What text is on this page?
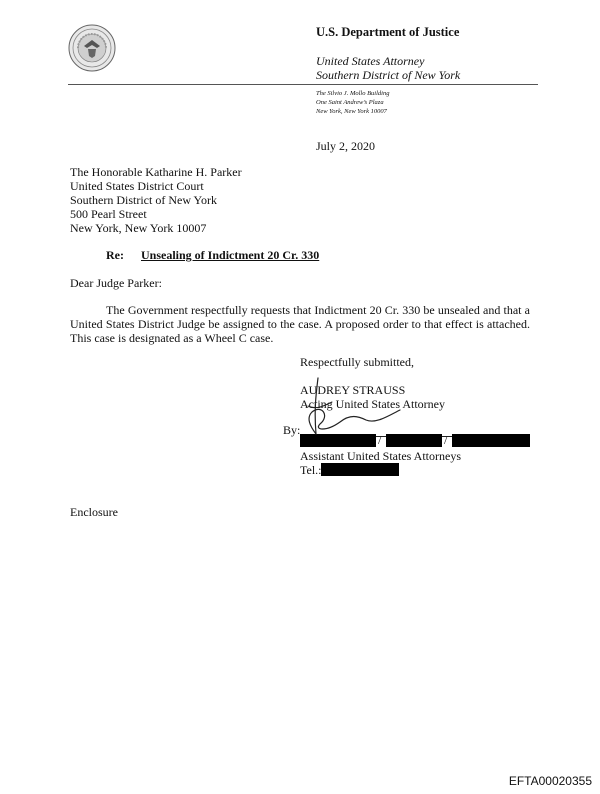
U.S. Department of Justice
United States Attorney
Southern District of New York
The Silvio J. Mollo Building
One Saint Andrew’s Plaza
New York, New York 10007
July 2, 2020
The Honorable Katharine H. Parker
United States District Court
Southern District of New York
500 Pearl Street
New York, New York 10007
Re: Unsealing of Indictment 20 Cr. 330
Dear Judge Parker:
The Government respectfully requests that Indictment 20 Cr. 330 be unsealed and that a United States District Judge be assigned to the case. A proposed order to that effect is attached. This case is designated as a Wheel C case.
Respectfully submitted,
AUDREY STRAUSS
Acting United States Attorney
By:
/	/
Assistant United States Attorneys
Tel.:
Enclosure
EFTA00020355
